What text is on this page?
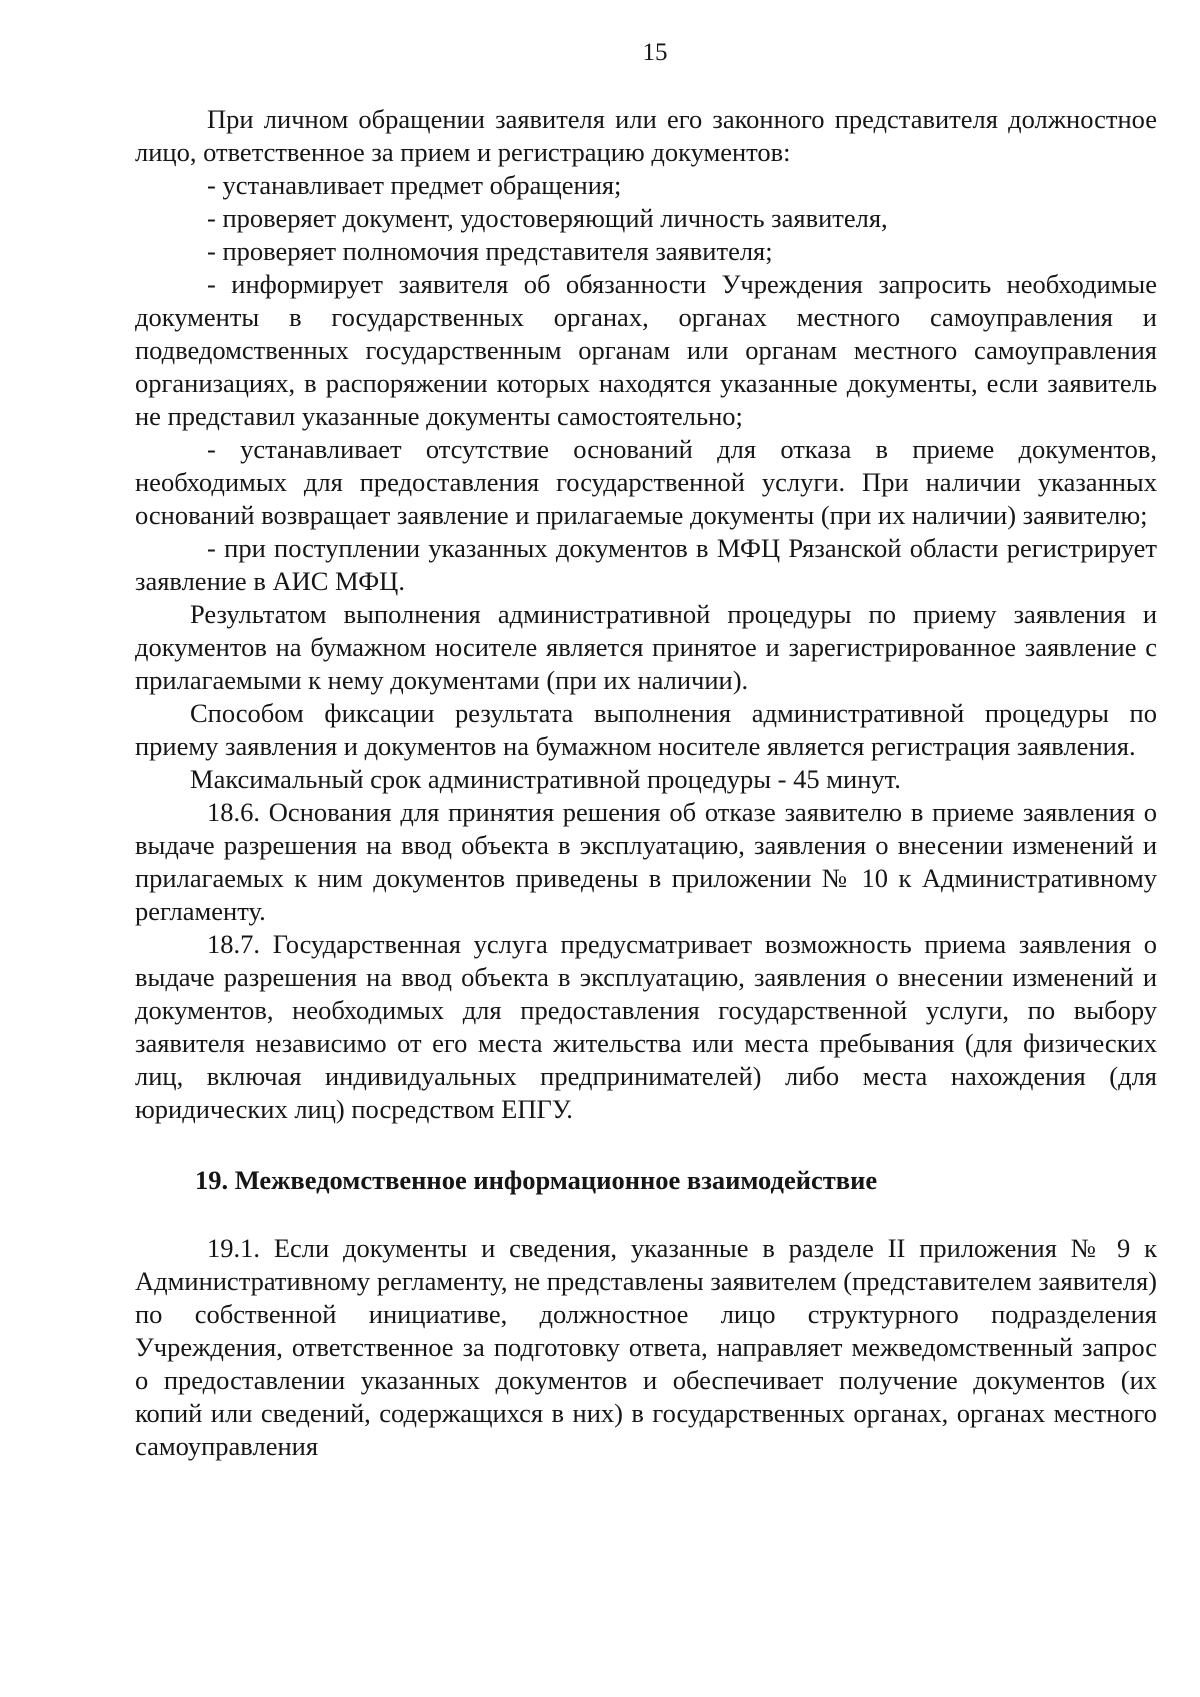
15

При личном обращении заявителя или его законного представителя должностное лицо, ответственное за прием и регистрацию документов:

- устанавливает предмет обращения;

- проверяет документ, удостоверяющий личность заявителя,

- проверяет полномочия представителя заявителя;

- информирует заявителя об обязанности Учреждения запросить необходимые документы в государственных органах, органах местного самоуправления и подведомственных государственным органам или органам местного самоуправления организациях, в распоряжении которых находятся указанные документы, если заявитель не представил указанные документы самостоятельно;

- устанавливает отсутствие оснований для отказа в приеме документов, необходимых для предоставления государственной услуги. При наличии указанных оснований возвращает заявление и прилагаемые документы (при их наличии) заявителю;

- при поступлении указанных документов в МФЦ Рязанской области регистрирует заявление в АИС МФЦ.

Результатом выполнения административной процедуры по приему заявления и документов на бумажном носителе является принятое и зарегистрированное заявление с прилагаемыми к нему документами (при их наличии).

Способом фиксации результата выполнения административной процедуры по приему заявления и документов на бумажном носителе является регистрация заявления.

Максимальный срок административной процедуры - 45 минут.

18.6. Основания для принятия решения об отказе заявителю в приеме заявления о выдаче разрешения на ввод объекта в эксплуатацию, заявления о внесении изменений и прилагаемых к ним документов приведены в приложении № 10 к Административному регламенту.

18.7. Государственная услуга предусматривает возможность приема заявления о выдаче разрешения на ввод объекта в эксплуатацию, заявления о внесении изменений и документов, необходимых для предоставления государственной услуги, по выбору заявителя независимо от его места жительства или места пребывания (для физических лиц, включая индивидуальных предпринимателей) либо места нахождения (для юридических лиц) посредством ЕПГУ.

19. Межведомственное информационное взаимодействие

19.1. Если документы и сведения, указанные в разделе II приложения № 9 к Административному регламенту, не представлены заявителем (представителем заявителя) по собственной инициативе, должностное лицо структурного подразделения Учреждения, ответственное за подготовку ответа, направляет межведомственный запрос о предоставлении указанных документов и обеспечивает получение документов (их копий или сведений, содержащихся в них) в государственных органах, органах местного самоуправления
